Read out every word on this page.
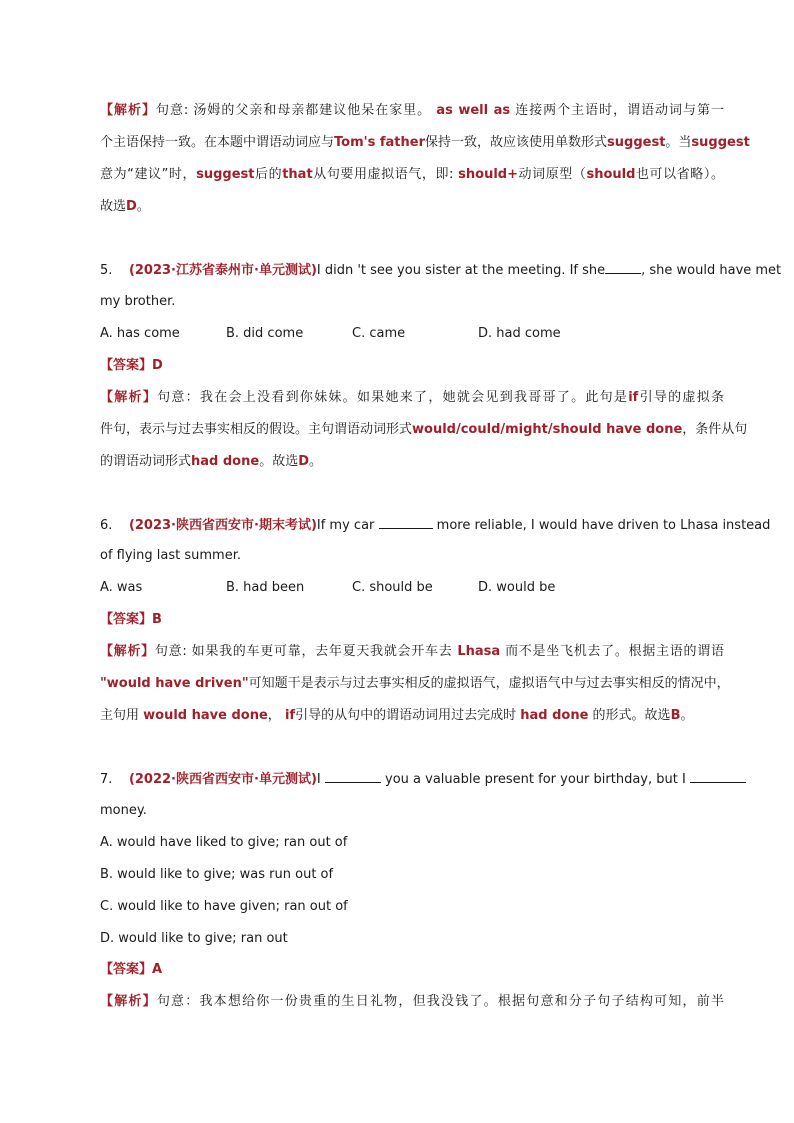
【解析】句意: 汤姆的父亲和母亲都建议他呆在家里。 as well as 连接两个主语时，谓语动词与第一
个主语保持一致。在本题中谓语动词应与Tom's father保持一致，故应该使用单数形式suggest。当suggest
意为“建议”时，suggest后的that从句要用虚拟语气，即: should+动词原型（should也可以省略）。
故选D。
5. (2023·江苏省泰州市·单元测试)I didn 't see you sister at the meeting. If she	, she would have met
my brother.
A. has come	B. did come	C. came	D. had come
【答案】D
【解析】句意：我在会上没看到你妹妹。如果她来了，她就会见到我哥哥了。此句是if引导的虚拟条
件句，表示与过去事实相反的假设。主句谓语动词形式would/could/might/should have done，条件从句
的谓语动词形式had done。故选D。
6. (2023·陕西省西安市·期末考试)If my car	more reliable, I would have driven to Lhasa instead
of flying last summer.
A. was	B. had been	C. should be	D. would be
【答案】B
【解析】句意: 如果我的车更可靠，去年夏天我就会开车去 Lhasa 而不是坐飞机去了。根据主语的谓语
"would have driven"可知题干是表示与过去事实相反的虚拟语气，虚拟语气中与过去事实相反的情况中，
主句用 would have done， if引导的从句中的谓语动词用过去完成时 had done 的形式。故选B。
7. (2022·陕西省西安市·单元测试)I	you a valuable present for your birthday, but I
money.
A. would have liked to give; ran out of
B. would like to give; was run out of
C. would like to have given; ran out of
D. would like to give; ran out
【答案】A
【解析】句意：我本想给你一份贵重的生日礼物，但我没钱了。根据句意和分子句子结构可知，前半
